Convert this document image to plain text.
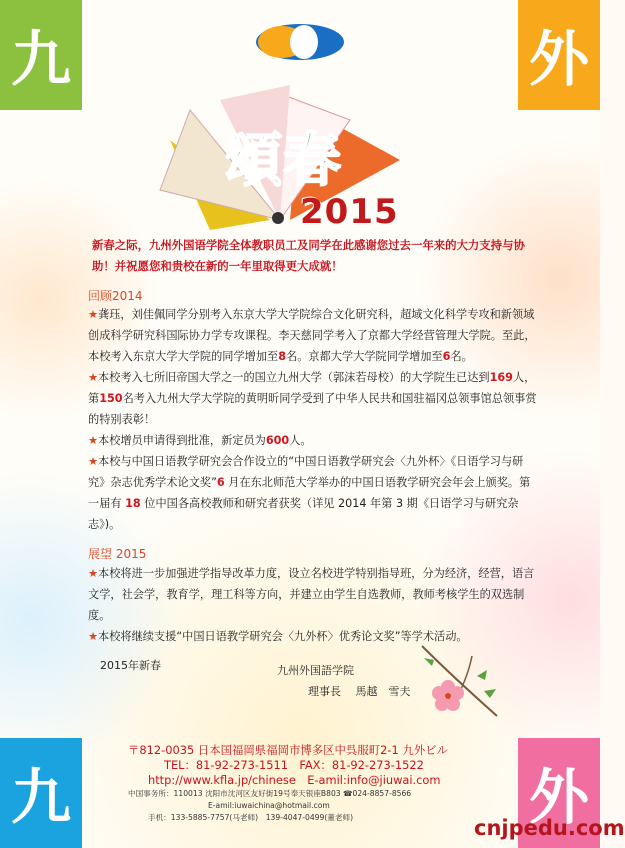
九	外
九	外
頌春
2015
新春之际，九州外国语学院全体教职员工及同学在此感谢您过去一年来的大力支持与协助！并祝愿您和贵校在新的一年里取得更大成就！
回顾2014

★龚珏，刘佳佩同学分别考入东京大学大学院综合文化研究科，超域文化科学专攻和新领域创成科学研究科国际协力学专攻课程。李天慈同学考入了京都大学经营管理大学院。至此，本校考入东京大学大学院的同学增加至8名。京都大学大学院同学增加至6名。

★本校考入七所旧帝国大学之一的国立九州大学（郭沫若母校）的大学院生已达到169人，第150名考入九州大学大学院的黄明昕同学受到了中华人民共和国驻福冈总领事馆总领事赏的特别表彰！

★本校增员申请得到批准，新定员为600人。

★本校与中国日语教学研究会合作设立的“中国日语教学研究会〈九外杯〉《日语学习与研究》杂志优秀学术论文奖”6 月在东北师范大学举办的中国日语教学研究会年会上颁奖。第一届有 18 位中国各高校教师和研究者获奖（详见 2014 年第 3 期《日语学习与研究杂志》)。

展望 2015

★本校将进一步加强进学指导改革力度，设立名校进学特别指导班，分为经济，经营，语言文学，社会学，教育学，理工科等方向，并建立由学生自选教师，教师考核学生的双选制度。

★本校将继续支援“中国日语教学研究会〈九外杯〉优秀论文奖”等学术活动。

2015年新春	九州外国語学院
理事長　 馬越　雪夫
〒812-0035 日本国福岡県福岡市博多区中呉服町2-1 九外ビル
TEL：81-92-273-1511　FAX：81-92-273-1522
http://www.kfla.jp/chinese　E-amil:info@jiuwai.com
中国事务所：110013 沈阳市沈河区友好街19号奉天银座B803 ☎024-8857-8566
E-amil:iuwaichina@hotmail.com
手机：133-5885-7757(马老师)　139-4047-0499(董老师)	cnjpedu.com
